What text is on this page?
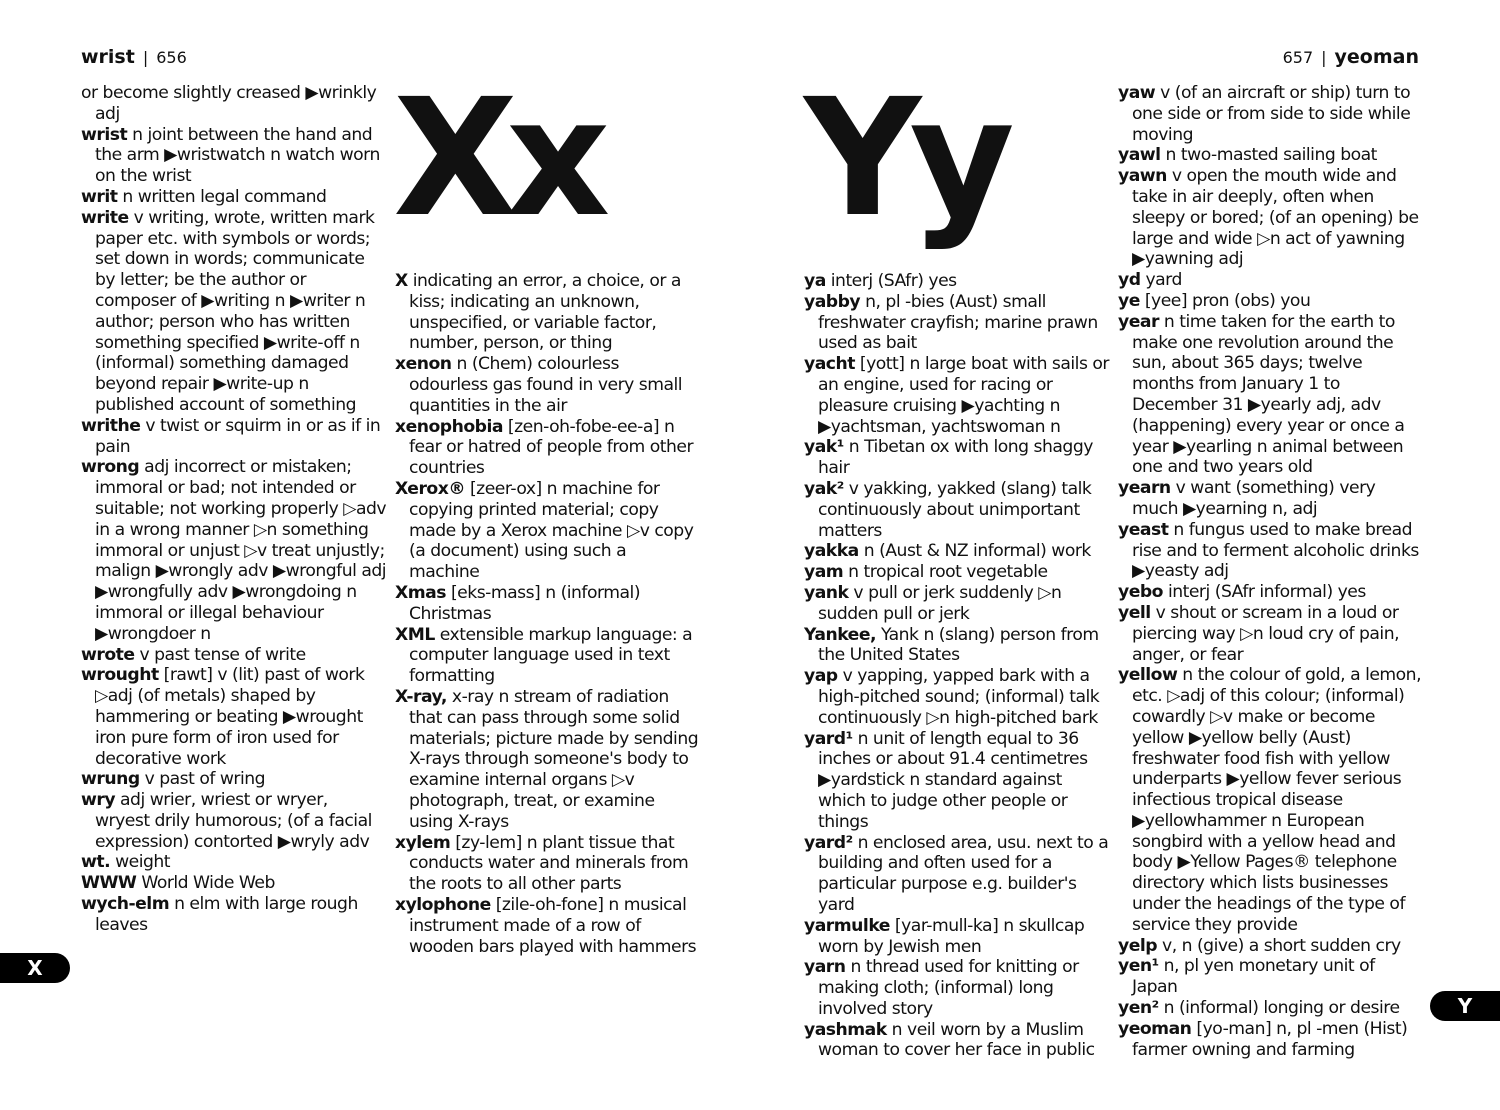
wrist | 656
or become slightly creased ▶wrinkly adj
wrist n joint between the hand and the arm ▶wristwatch n watch worn on the wrist
writ n written legal command
write v writing, wrote, written mark paper etc. with symbols or words; set down in words; communicate by letter; be the author or composer of ▶writing n ▶writer n author; person who has written something specified ▶write-off n (informal) something damaged beyond repair ▶write-up n published account of something
writhe v twist or squirm in or as if in pain
wrong adj incorrect or mistaken; immoral or bad; not intended or suitable; not working properly ▷adv in a wrong manner ▷n something immoral or unjust ▷v treat unjustly; malign ▶wrongly adv ▶wrongful adj ▶wrongfully adv ▶wrongdoing n immoral or illegal behaviour ▶wrongdoer n
wrote v past tense of write
wrought [rawt] v (lit) past of work ▷adj (of metals) shaped by hammering or beating ▶wrought iron pure form of iron used for decorative work
wrung v past of wring
wry adj wrier, wriest or wryer, wryest drily humorous; (of a facial expression) contorted ▶wryly adv
wt. weight
WWW World Wide Web
wych-elm n elm with large rough leaves
Xx
X indicating an error, a choice, or a kiss; indicating an unknown, unspecified, or variable factor, number, person, or thing
xenon n (Chem) colourless odourless gas found in very small quantities in the air
xenophobia [zen-oh-fobe-ee-a] n fear or hatred of people from other countries
Xerox® [zeer-ox] n machine for copying printed material; copy made by a Xerox machine ▷v copy (a document) using such a machine
Xmas [eks-mass] n (informal) Christmas
XML extensible markup language: a computer language used in text formatting
X-ray, x-ray n stream of radiation that can pass through some solid materials; picture made by sending X-rays through someone's body to examine internal organs ▷v photograph, treat, or examine using X-rays
xylem [zy-lem] n plant tissue that conducts water and minerals from the roots to all other parts
xylophone [zile-oh-fone] n musical instrument made of a row of wooden bars played with hammers
X
657 | yeoman
Yy
ya interj (SAfr) yes
yabby n, pl -bies (Aust) small freshwater crayfish; marine prawn used as bait
yacht [yott] n large boat with sails or an engine, used for racing or pleasure cruising ▶yachting n ▶yachtsman, yachtswoman n
yak¹ n Tibetan ox with long shaggy hair
yak² v yakking, yakked (slang) talk continuously about unimportant matters
yakka n (Aust & NZ informal) work
yam n tropical root vegetable
yank v pull or jerk suddenly ▷n sudden pull or jerk
Yankee, Yank n (slang) person from the United States
yap v yapping, yapped bark with a high-pitched sound; (informal) talk continuously ▷n high-pitched bark
yard¹ n unit of length equal to 36 inches or about 91.4 centimetres ▶yardstick n standard against which to judge other people or things
yard² n enclosed area, usu. next to a building and often used for a particular purpose e.g. builder's yard
yarmulke [yar-mull-ka] n skullcap worn by Jewish men
yarn n thread used for knitting or making cloth; (informal) long involved story
yashmak n veil worn by a Muslim woman to cover her face in public
yaw v (of an aircraft or ship) turn to one side or from side to side while moving
yawl n two-masted sailing boat
yawn v open the mouth wide and take in air deeply, often when sleepy or bored; (of an opening) be large and wide ▷n act of yawning ▶yawning adj
yd yard
ye [yee] pron (obs) you
year n time taken for the earth to make one revolution around the sun, about 365 days; twelve months from January 1 to December 31 ▶yearly adj, adv (happening) every year or once a year ▶yearling n animal between one and two years old
yearn v want (something) very much ▶yearning n, adj
yeast n fungus used to make bread rise and to ferment alcoholic drinks ▶yeasty adj
yebo interj (SAfr informal) yes
yell v shout or scream in a loud or piercing way ▷n loud cry of pain, anger, or fear
yellow n the colour of gold, a lemon, etc. ▷adj of this colour; (informal) cowardly ▷v make or become yellow ▶yellow belly (Aust) freshwater food fish with yellow underparts ▶yellow fever serious infectious tropical disease ▶yellowhammer n European songbird with a yellow head and body ▶Yellow Pages® telephone directory which lists businesses under the headings of the type of service they provide
yelp v, n (give) a short sudden cry
yen¹ n, pl yen monetary unit of Japan
yen² n (informal) longing or desire
yeoman [yo-man] n, pl -men (Hist) farmer owning and farming
Y
